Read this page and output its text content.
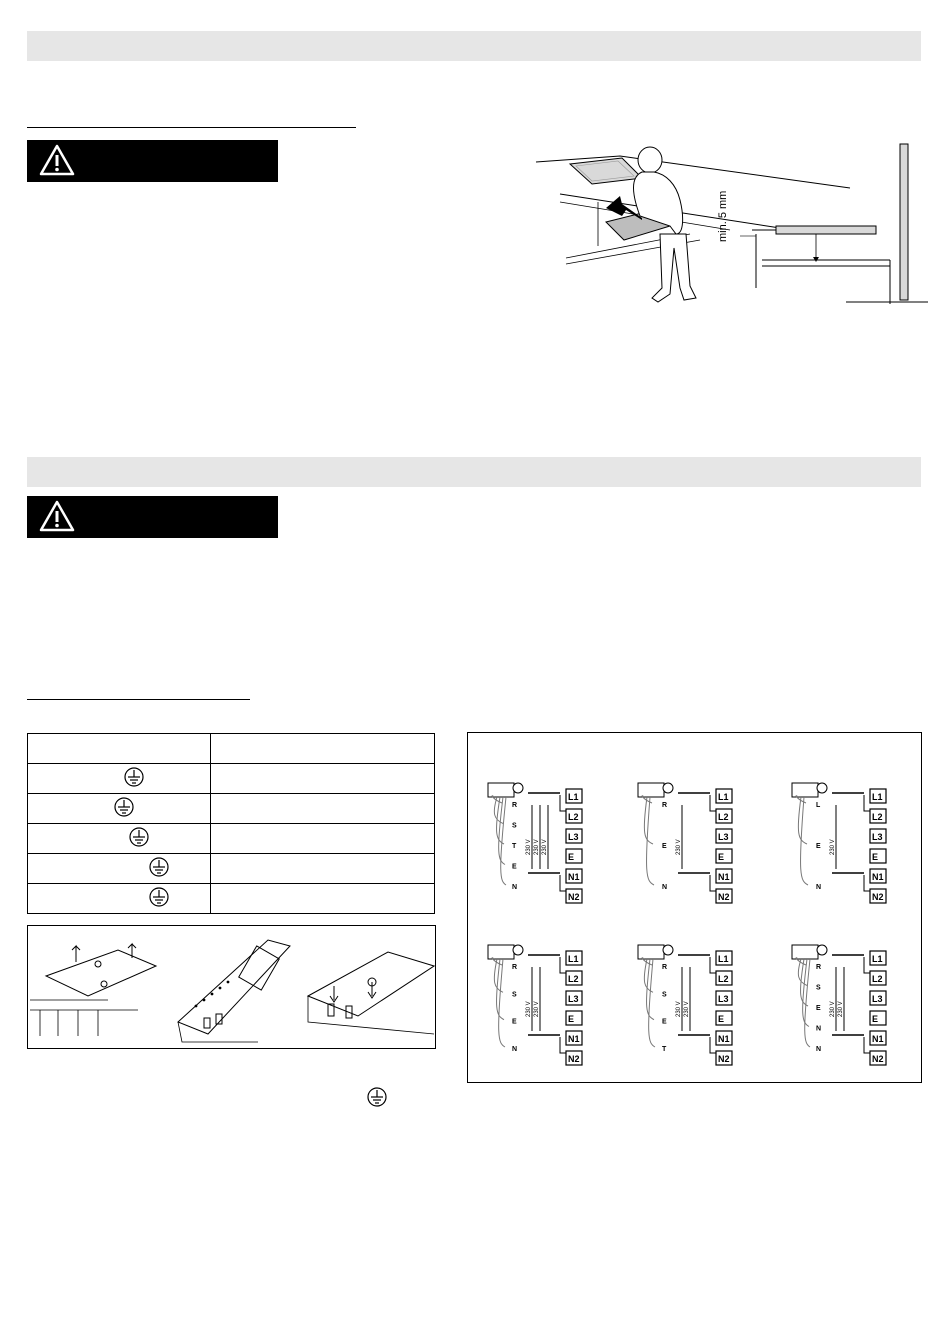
min. 5 mm

R
S
T
E
N
L1
L2
L3
E
N1
N2
230 V 230 V 230 V
R
E
N
L1
L2
L3
E
N1
N2
230 V
L
E
N
L1
L2
L3
E
N1
N2
230 V
R
S
E
N
L1
L2
L3
E
N1
N2
230 V 230 V
R
S
E
T
L1
L2
L3
E
N1
N2
230 V 230 V
R
S
E
N
N
L1
L2
L3
E
N1
N2
230 V 230 V
